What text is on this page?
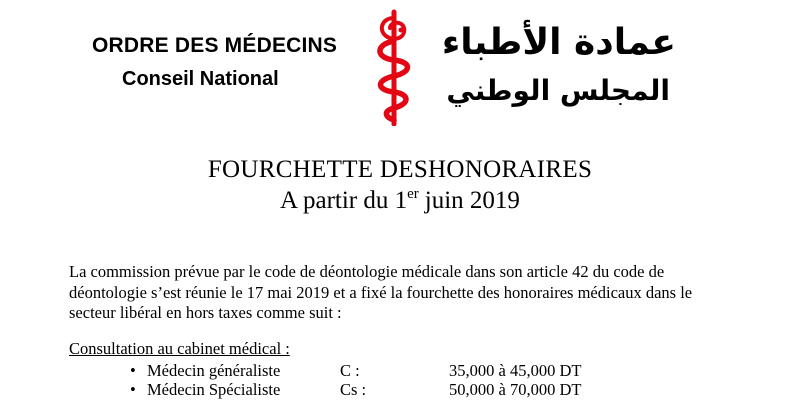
ORDRE DES MÉDECINS
Conseil National
عمادة الأطباء
المجلس الوطني
FOURCHETTE DESHONORAIRES
A partir du 1er juin 2019

La commission prévue par le code de déontologie médicale dans son article 42 du code de déontologie s’est réunie le 17 mai 2019 et a fixé la fourchette des honoraires médicaux dans le secteur libéral en hors taxes comme suit :

Consultation au cabinet médical :
• Médecin généraliste	C :	35,000 à 45,000 DT
• Médecin Spécialiste	Cs :	50,000 à 70,000 DT
